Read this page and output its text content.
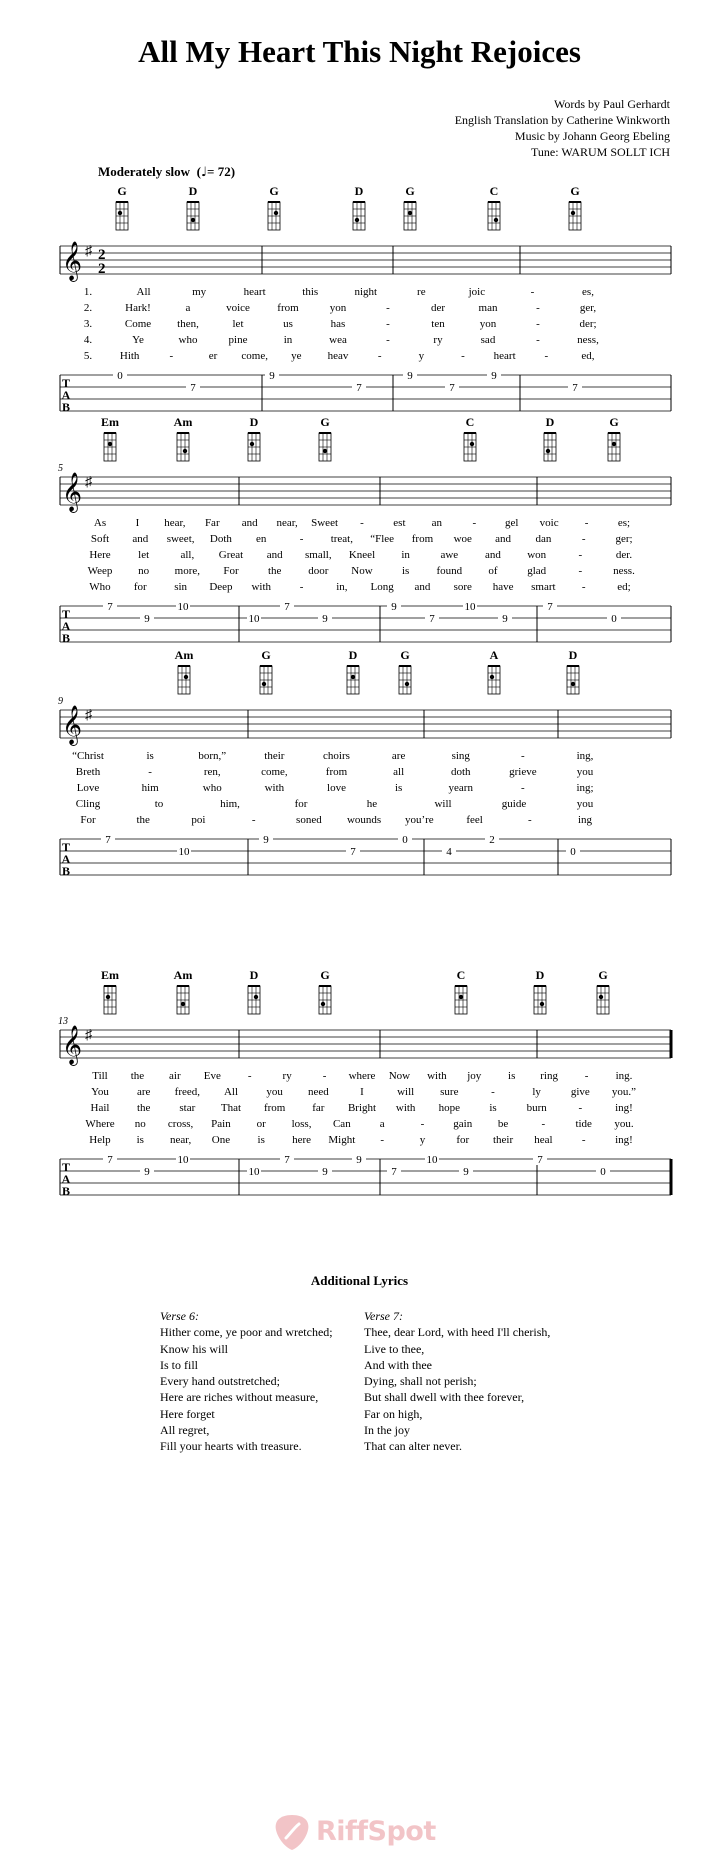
All My Heart This Night Rejoices
Words by Paul Gerhardt
English Translation by Catherine Winkworth
Music by Johann Georg Ebeling
Tune: WARUM SOLLT ICH
Moderately slow  (♩= 72)
G	D	G	D	G	C	G
𝄞 ♯ 2
2
1.	All	my	heart	this	night	re	joic	-	es,
2.	Hark!	a	voice from	yon	-	der	man	-	ger,
3.	Come then,	let	us	has	-	ten	yon	-	der;
4.	Ye	who	pine	in	wea	-	ry	sad	-	ness,
5.	Hith	-	er come, ye heav	-	y	-	heart	-	ed,
T
A
B
0
7
9
7
9
7
9
7
Em	Am	D	G	C	D	G
𝄞 ♯
5
As	I hear, Far and near, Sweet -	est an	-	gel voic -	es;
Soft and sweet, Doth en	- treat, “Flee from woe and dan	-	ger;
Here let	all, Great and small, Kneel in	awe and won	-	der.
Weep no more, For	the door Now	is found of	glad	-	ness.
Who for sin Deep with	-	in, Long and sore have smart -	ed;
T
A
B
7
9
10
10
7
9
9
7
10
9
7
0
Am	G	D	G	A	D
𝄞 ♯
9
“Christ	is	born,”	their	choirs	are	sing	-	ing,
Breth	-	ren,	come,	from	all	doth	grieve	you
Love	him	who	with	love	is	yearn	-	ing;
Cling	to	him,	for	he	will	guide	you
For	the	poi	-	soned wounds you’re	feel	-	ing
T
A
B
7
10
9
7
0
4
2
0
Em	Am	D	G	C	D	G
𝄞 ♯
13
Till the air Eve -	ry	- where Now with joy is ring - ing.
You	are freed, All	you need	I	will sure	-	ly	give you.”
Hail the	star That from far Bright with hope	is	burn	-	ing!
Where no cross, Pain or loss, Can	a	-	gain be	-	tide you.
Help is near, One is here Might -	y	for their heal	-	ing!
T
A
B
7
9
10
10
7
9
9
7
10
9
7
0
Additional Lyrics
Verse 6:
Hither come, ye poor and wretched;
Know his will
Is to fill
Every hand outstretched;
Here are riches without measure,
Here forget
All regret,
Fill your hearts with treasure.
Verse 7:
Thee, dear Lord, with heed I'll cherish,
Live to thee,
And with thee
Dying, shall not perish;
But shall dwell with thee forever,
Far on high,
In the joy
That can alter never.
RiffSpot
